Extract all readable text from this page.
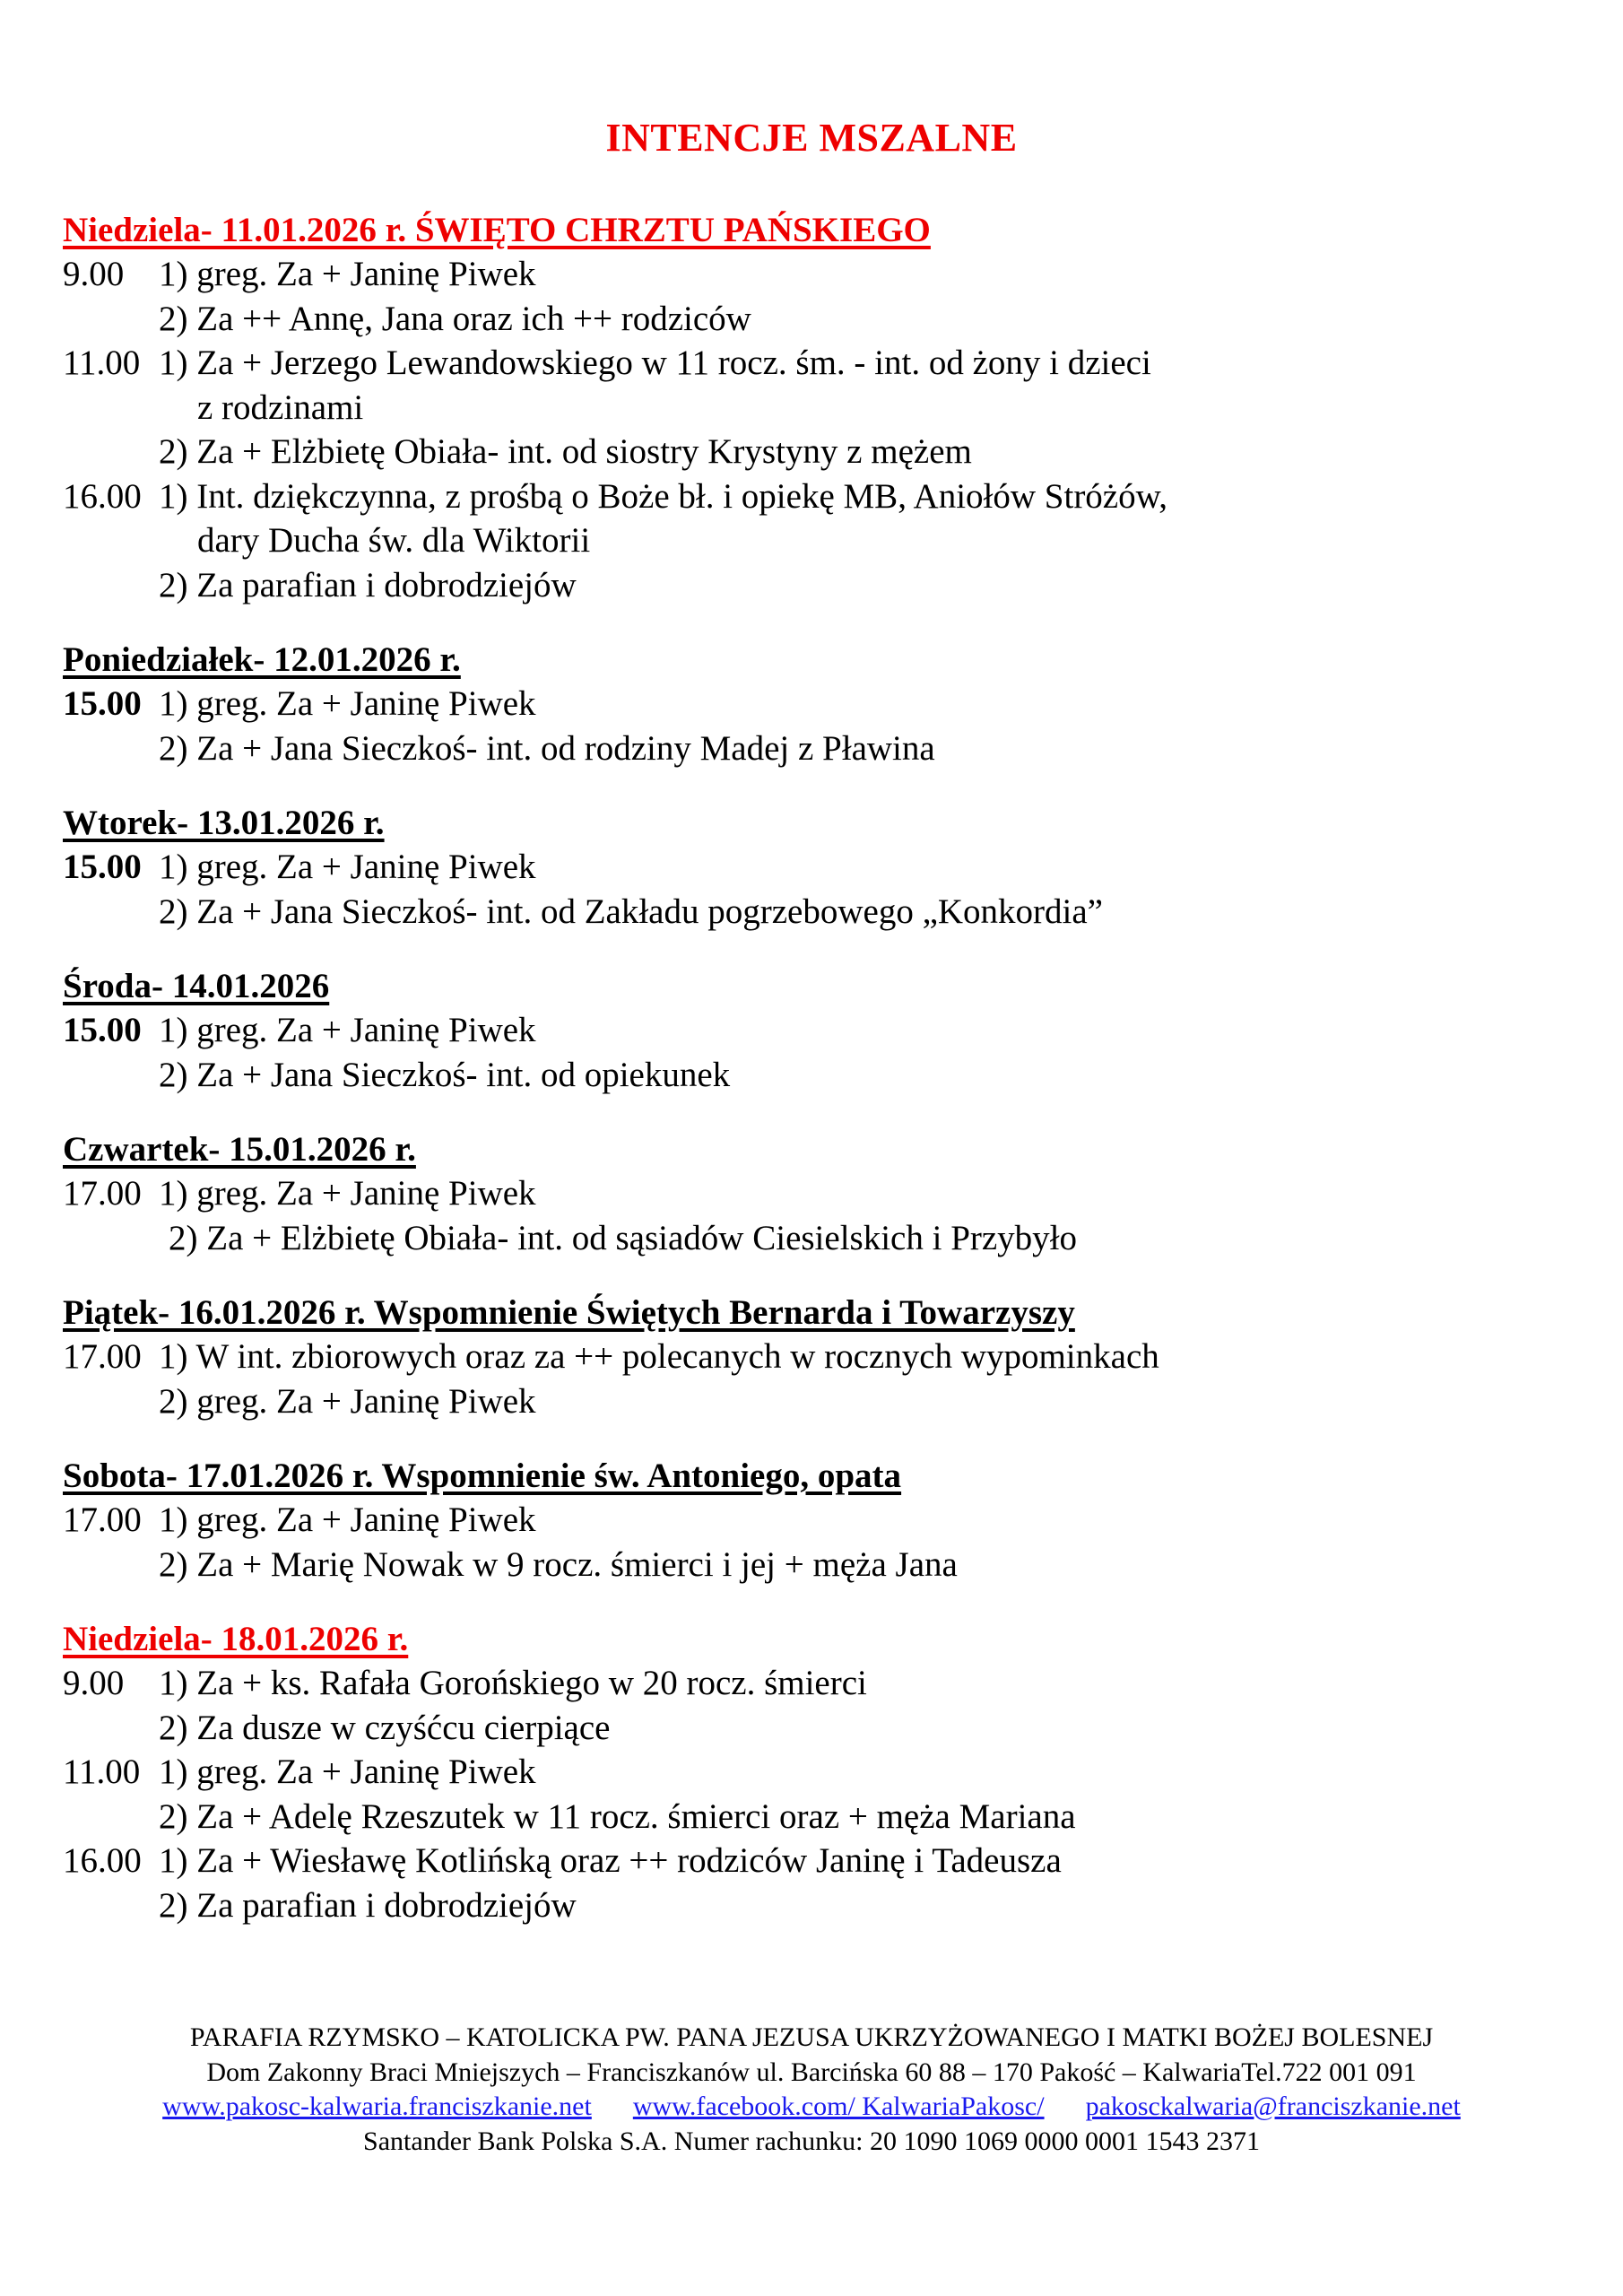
INTENCJE MSZALNE
Niedziela- 11.01.2026 r. ŚWIĘTO CHRZTU PAŃSKIEGO
9.00 1) greg. Za + Janinę Piwek
2) Za ++ Annę, Jana oraz ich ++ rodziców
11.00 1) Za + Jerzego Lewandowskiego w 11 rocz. śm. - int. od żony i dzieci
z rodzinami
2) Za + Elżbietę Obiała- int. od siostry Krystyny z mężem
16.00 1) Int. dziękczynna, z prośbą o Boże bł. i opiekę MB, Aniołów Stróżów,
dary Ducha św. dla Wiktorii
2) Za parafian i dobrodziejów
Poniedziałek- 12.01.2026 r.
15.00 1) greg. Za + Janinę Piwek
2) Za + Jana Sieczkoś- int. od rodziny Madej z Pławina
Wtorek- 13.01.2026 r.
15.00 1) greg. Za + Janinę Piwek
2) Za + Jana Sieczkoś- int. od Zakładu pogrzebowego „Konkordia”
Środa- 14.01.2026
15.00 1) greg. Za + Janinę Piwek
2) Za + Jana Sieczkoś- int. od opiekunek
Czwartek- 15.01.2026 r.
17.00 1) greg. Za + Janinę Piwek
2) Za + Elżbietę Obiała- int. od sąsiadów Ciesielskich i Przybyło
Piątek- 16.01.2026 r. Wspomnienie Świętych Bernarda i Towarzyszy
17.00 1) W int. zbiorowych oraz za ++ polecanych w rocznych wypominkach
2) greg. Za + Janinę Piwek
Sobota- 17.01.2026 r. Wspomnienie św. Antoniego, opata
17.00 1) greg. Za + Janinę Piwek
2) Za + Marię Nowak w 9 rocz. śmierci i jej + męża Jana
Niedziela- 18.01.2026 r.
9.00 1) Za + ks. Rafała Gorońskiego w 20 rocz. śmierci
2) Za dusze w czyśćcu cierpiące
11.00 1) greg. Za + Janinę Piwek
2) Za + Adelę Rzeszutek w 11 rocz. śmierci oraz + męża Mariana
16.00 1) Za + Wiesławę Kotlińską oraz ++ rodziców Janinę i Tadeusza
2) Za parafian i dobrodziejów
PARAFIA RZYMSKO – KATOLICKA PW. PANA JEZUSA UKRZYŻOWANEGO I MATKI BOŻEJ BOLESNEJ
Dom Zakonny Braci Mniejszych – Franciszkanów ul. Barcińska 60 88 – 170 Pakość – KalwariaTel.722 001 091
www.pakosc-kalwaria.franciszkanie.net www.facebook.com/ KalwariaPakosc/ pakosckalwaria@franciszkanie.net
Santander Bank Polska S.A. Numer rachunku: 20 1090 1069 0000 0001 1543 2371
